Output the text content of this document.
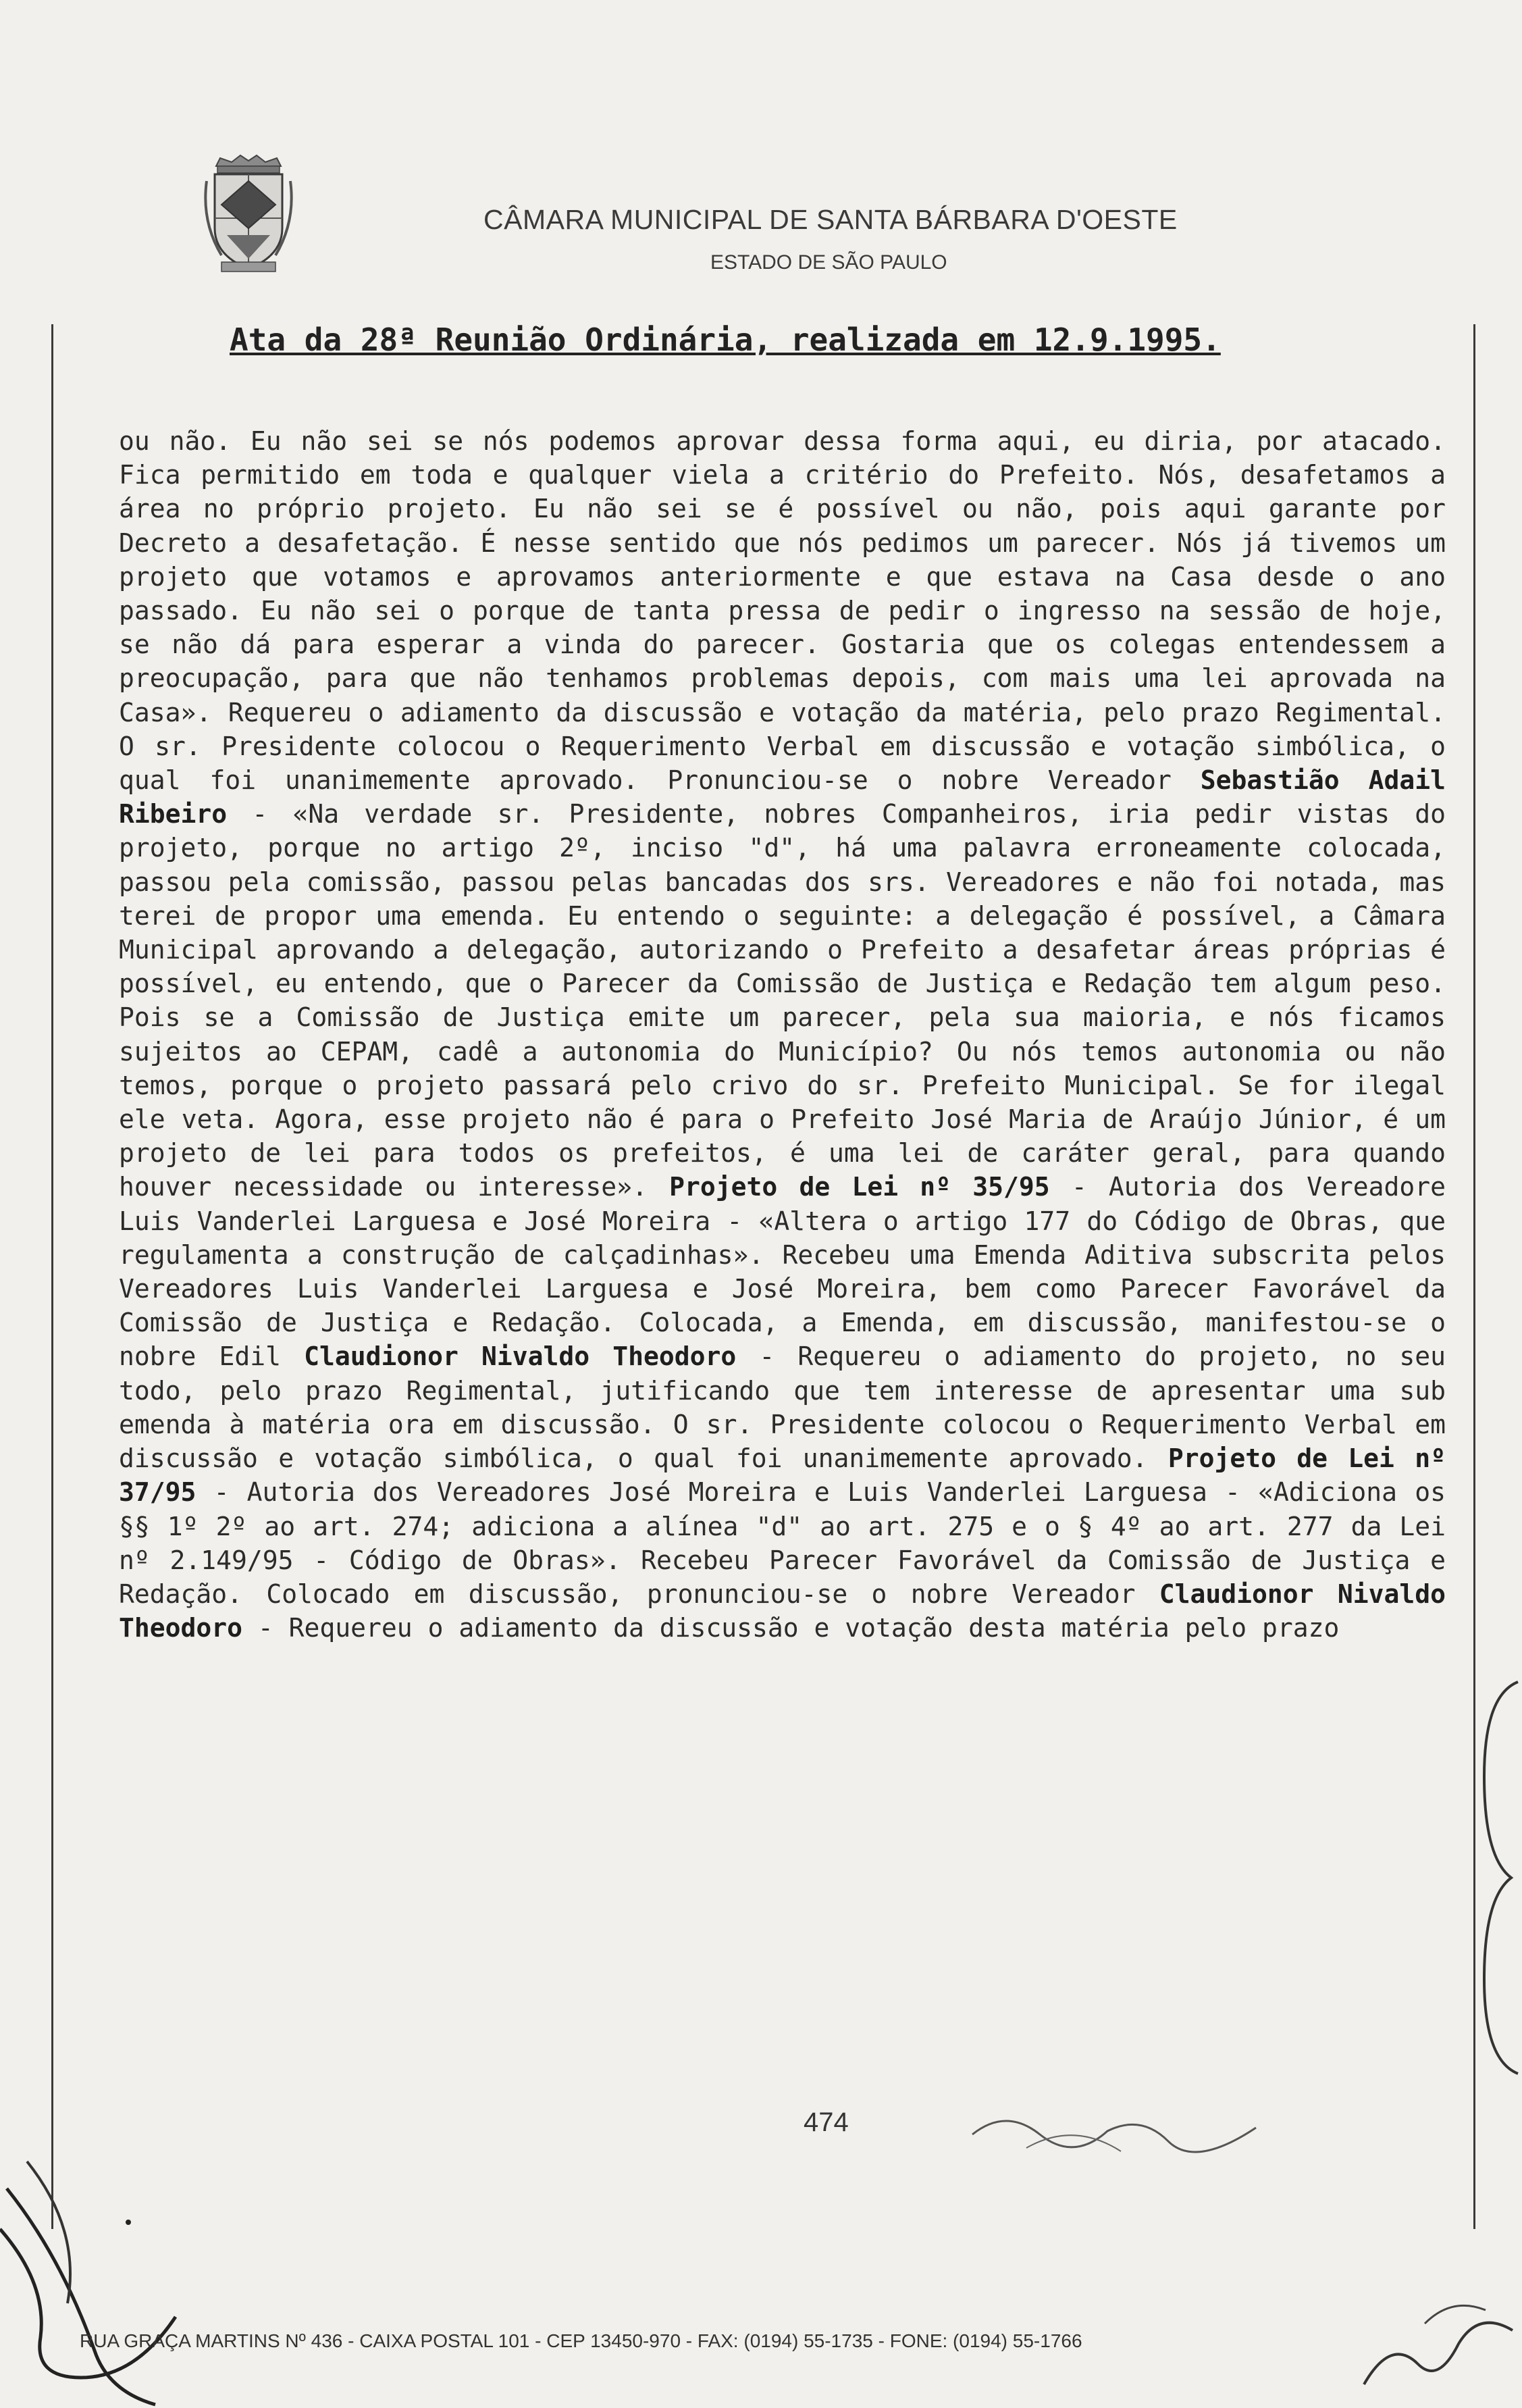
CÂMARA MUNICIPAL DE SANTA BÁRBARA D'OESTE
ESTADO DE SÃO PAULO
Ata da 28ª Reunião Ordinária, realizada em 12.9.1995.
ou não. Eu não sei se nós podemos aprovar dessa forma aqui, eu diria, por atacado. Fica permitido em toda e qualquer viela a critério do Prefeito. Nós, desafetamos a área no próprio projeto. Eu não sei se é possível ou não, pois aqui garante por Decreto a desafetação. É nesse sentido que nós pedimos um parecer. Nós já tivemos um projeto que votamos e aprovamos anteriormente e que estava na Casa desde o ano passado. Eu não sei o porque de tanta pressa de pedir o ingresso na sessão de hoje, se não dá para esperar a vinda do parecer. Gostaria que os colegas entendessem a preocupação, para que não tenhamos problemas depois, com mais uma lei aprovada na Casa». Requereu o adiamento da discussão e votação da matéria, pelo prazo Regimental. O sr. Presidente colocou o Requerimento Verbal em discussão e votação simbólica, o qual foi unanimemente aprovado. Pronunciou-se o nobre Vereador Sebastião Adail Ribeiro - «Na verdade sr. Presidente, nobres Companheiros, iria pedir vistas do projeto, porque no artigo 2º, inciso "d", há uma palavra erroneamente colocada, passou pela comissão, passou pelas bancadas dos srs. Vereadores e não foi notada, mas terei de propor uma emenda. Eu entendo o seguinte: a delegação é possível, a Câmara Municipal aprovando a delegação, autorizando o Prefeito a desafetar áreas próprias é possível, eu entendo, que o Parecer da Comissão de Justiça e Redação tem algum peso. Pois se a Comissão de Justiça emite um parecer, pela sua maioria, e nós ficamos sujeitos ao CEPAM, cadê a autonomia do Município? Ou nós temos autonomia ou não temos, porque o projeto passará pelo crivo do sr. Prefeito Municipal. Se for ilegal ele veta. Agora, esse projeto não é para o Prefeito José Maria de Araújo Júnior, é um projeto de lei para todos os prefeitos, é uma lei de caráter geral, para quando houver necessidade ou interesse». Projeto de Lei nº 35/95 - Autoria dos Vereadore Luis Vanderlei Larguesa e José Moreira - «Altera o artigo 177 do Código de Obras, que regulamenta a construção de calçadinhas». Recebeu uma Emenda Aditiva subscrita pelos Vereadores Luis Vanderlei Larguesa e José Moreira, bem como Parecer Favorável da Comissão de Justiça e Redação. Colocada, a Emenda, em discussão, manifestou-se o nobre Edil Claudionor Nivaldo Theodoro - Requereu o adiamento do projeto, no seu todo, pelo prazo Regimental, jutificando que tem interesse de apresentar uma sub emenda à matéria ora em discussão. O sr. Presidente colocou o Requerimento Verbal em discussão e votação simbólica, o qual foi unanimemente aprovado. Projeto de Lei nº 37/95 - Autoria dos Vereadores José Moreira e Luis Vanderlei Larguesa - «Adiciona os §§ 1º 2º ao art. 274; adiciona a alínea "d" ao art. 275 e o § 4º ao art. 277 da Lei nº 2.149/95 - Código de Obras». Recebeu Parecer Favorável da Comissão de Justiça e Redação. Colocado em discussão, pronunciou-se o nobre Vereador Claudionor Nivaldo Theodoro - Requereu o adiamento da discussão e votação desta matéria pelo prazo
474
RUA GRAÇA MARTINS Nº 436 - CAIXA POSTAL 101 - CEP 13450-970 - FAX: (0194) 55-1735 - FONE: (0194) 55-1766
